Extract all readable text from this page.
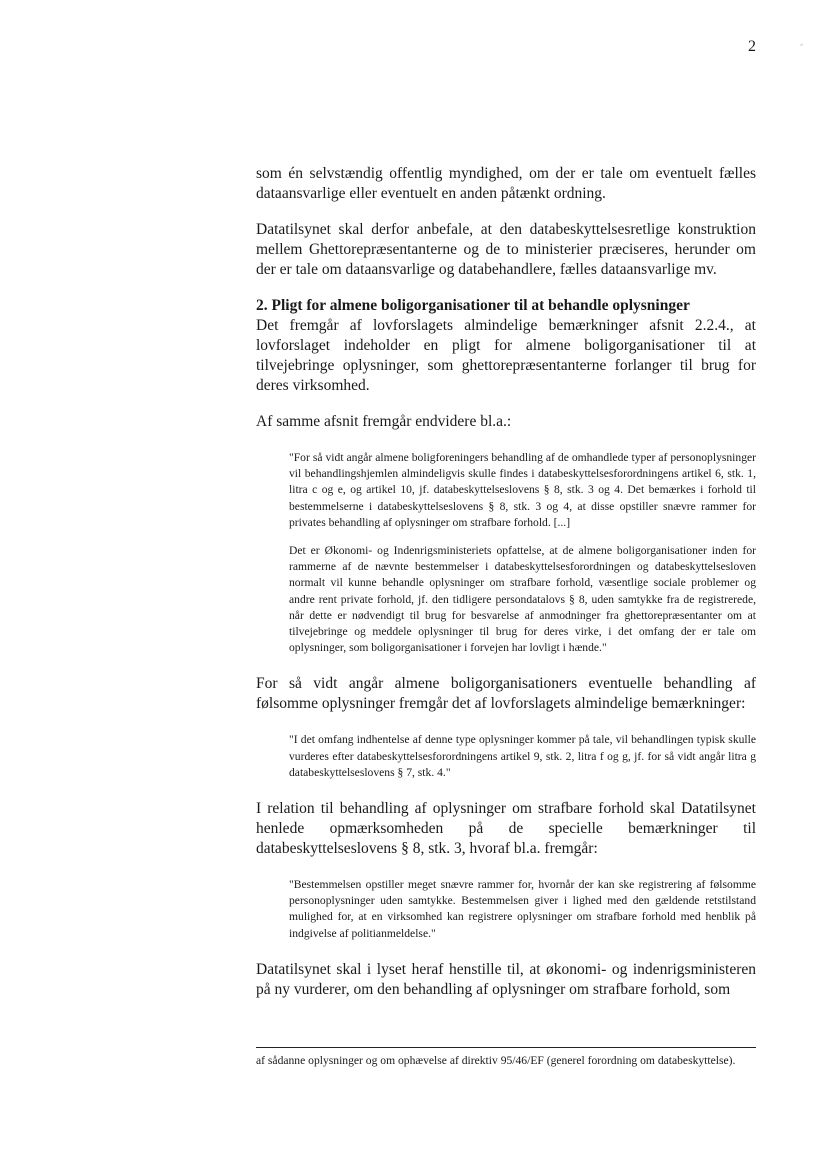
2	°

som én selvstændig offentlig myndighed, om der er tale om eventuelt fælles dataansvarlige eller eventuelt en anden påtænkt ordning.

Datatilsynet skal derfor anbefale, at den databeskyttelsesretlige konstruktion mellem Ghettorepræsentanterne og de to ministerier præciseres, herunder om der er tale om dataansvarlige og databehandlere, fælles dataansvarlige mv.

2. Pligt for almene boligorganisationer til at behandle oplysninger
Det fremgår af lovforslagets almindelige bemærkninger afsnit 2.2.4., at lovforslaget indeholder en pligt for almene boligorganisationer til at tilvejebringe oplysninger, som ghettorepræsentanterne forlanger til brug for deres virksomhed.

Af samme afsnit fremgår endvidere bl.a.:

"For så vidt angår almene boligforeningers behandling af de omhandlede typer af personoplysninger vil behandlingshjemlen almindeligvis skulle findes i databeskyttelsesforordningens artikel 6, stk. 1, litra c og e, og artikel 10, jf. databeskyttelseslovens § 8, stk. 3 og 4. Det bemærkes i forhold til bestemmelserne i databeskyttelseslovens § 8, stk. 3 og 4, at disse opstiller snævre rammer for privates behandling af oplysninger om strafbare forhold. [...]

Det er Økonomi- og Indenrigsministeriets opfattelse, at de almene boligorganisationer inden for rammerne af de nævnte bestemmelser i databeskyttelsesforordningen og databeskyttelsesloven normalt vil kunne behandle oplysninger om strafbare forhold, væsentlige sociale problemer og andre rent private forhold, jf. den tidligere persondatalovs § 8, uden samtykke fra de registrerede, når dette er nødvendigt til brug for besvarelse af anmodninger fra ghettorepræsentanter om at tilvejebringe og meddele oplysninger til brug for deres virke, i det omfang der er tale om oplysninger, som boligorganisationer i forvejen har lovligt i hænde."

For så vidt angår almene boligorganisationers eventuelle behandling af følsomme oplysninger fremgår det af lovforslagets almindelige bemærkninger:

"I det omfang indhentelse af denne type oplysninger kommer på tale, vil behandlingen typisk skulle vurderes efter databeskyttelsesforordningens artikel 9, stk. 2, litra f og g, jf. for så vidt angår litra g databeskyttelseslovens § 7, stk. 4."

I relation til behandling af oplysninger om strafbare forhold skal Datatilsynet henlede opmærksomheden på de specielle bemærkninger til databeskyttelseslovens § 8, stk. 3, hvoraf bl.a. fremgår:

"Bestemmelsen opstiller meget snævre rammer for, hvornår der kan ske registrering af følsomme personoplysninger uden samtykke. Bestemmelsen giver i lighed med den gældende retstilstand mulighed for, at en virksomhed kan registrere oplysninger om strafbare forhold med henblik på indgivelse af politianmeldelse."

Datatilsynet skal i lyset heraf henstille til, at økonomi- og indenrigsministeren på ny vurderer, om den behandling af oplysninger om strafbare forhold, som

af sådanne oplysninger og om ophævelse af direktiv 95/46/EF (generel forordning om databeskyttelse).
